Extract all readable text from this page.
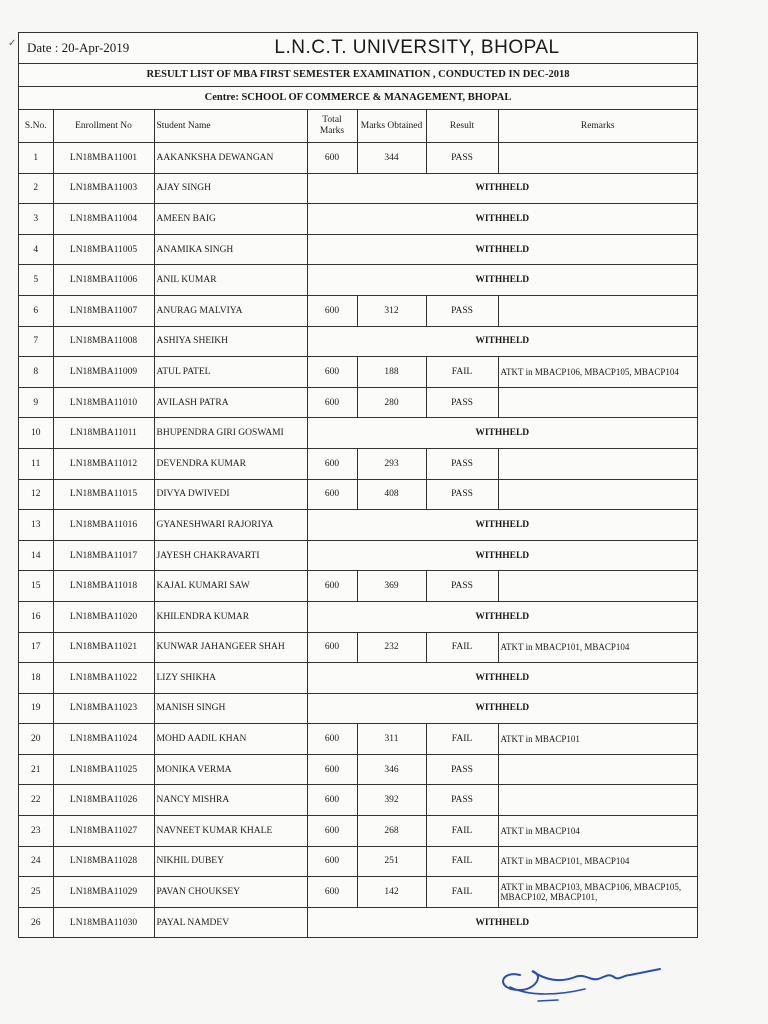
Date : 20-Apr-2019	L.N.C.T. UNIVERSITY, BHOPAL
RESULT LIST OF MBA FIRST SEMESTER EXAMINATION , CONDUCTED IN DEC-2018
Centre: SCHOOL OF COMMERCE & MANAGEMENT, BHOPAL
S.No.	Enrollment No	Student Name	Total Marks	Marks Obtained	Result	Remarks
1	LN18MBA11001	AAKANKSHA DEWANGAN	600	344	PASS	
2	LN18MBA11003	AJAY SINGH	WITHHELD			
3	LN18MBA11004	AMEEN BAIG	WITHHELD			
4	LN18MBA11005	ANAMIKA SINGH	WITHHELD			
5	LN18MBA11006	ANIL KUMAR	WITHHELD			
6	LN18MBA11007	ANURAG MALVIYA	600	312	PASS	
7	LN18MBA11008	ASHIYA SHEIKH	WITHHELD			
8	LN18MBA11009	ATUL PATEL	600	188	FAIL	ATKT in MBACP106, MBACP105, MBACP104
9	LN18MBA11010	AVILASH PATRA	600	280	PASS	
10	LN18MBA11011	BHUPENDRA GIRI GOSWAMI	WITHHELD			
11	LN18MBA11012	DEVENDRA KUMAR	600	293	PASS	
12	LN18MBA11015	DIVYA DWIVEDI	600	408	PASS	
13	LN18MBA11016	GYANESHWARI RAJORIYA	WITHHELD			
14	LN18MBA11017	JAYESH CHAKRAVARTI	WITHHELD			
15	LN18MBA11018	KAJAL KUMARI SAW	600	369	PASS	
16	LN18MBA11020	KHILENDRA KUMAR	WITHHELD			
17	LN18MBA11021	KUNWAR JAHANGEER SHAH	600	232	FAIL	ATKT in MBACP101, MBACP104
18	LN18MBA11022	LIZY SHIKHA	WITHHELD			
19	LN18MBA11023	MANISH SINGH	WITHHELD			
20	LN18MBA11024	MOHD AADIL KHAN	600	311	FAIL	ATKT in MBACP101
21	LN18MBA11025	MONIKA VERMA	600	346	PASS	
22	LN18MBA11026	NANCY MISHRA	600	392	PASS	
23	LN18MBA11027	NAVNEET KUMAR KHALE	600	268	FAIL	ATKT in MBACP104
24	LN18MBA11028	NIKHIL DUBEY	600	251	FAIL	ATKT in MBACP101, MBACP104
25	LN18MBA11029	PAVAN CHOUKSEY	600	142	FAIL	ATKT in MBACP103, MBACP106, MBACP105, MBACP102, MBACP101,
26	LN18MBA11030	PAYAL NAMDEV	WITHHELD			
✓
